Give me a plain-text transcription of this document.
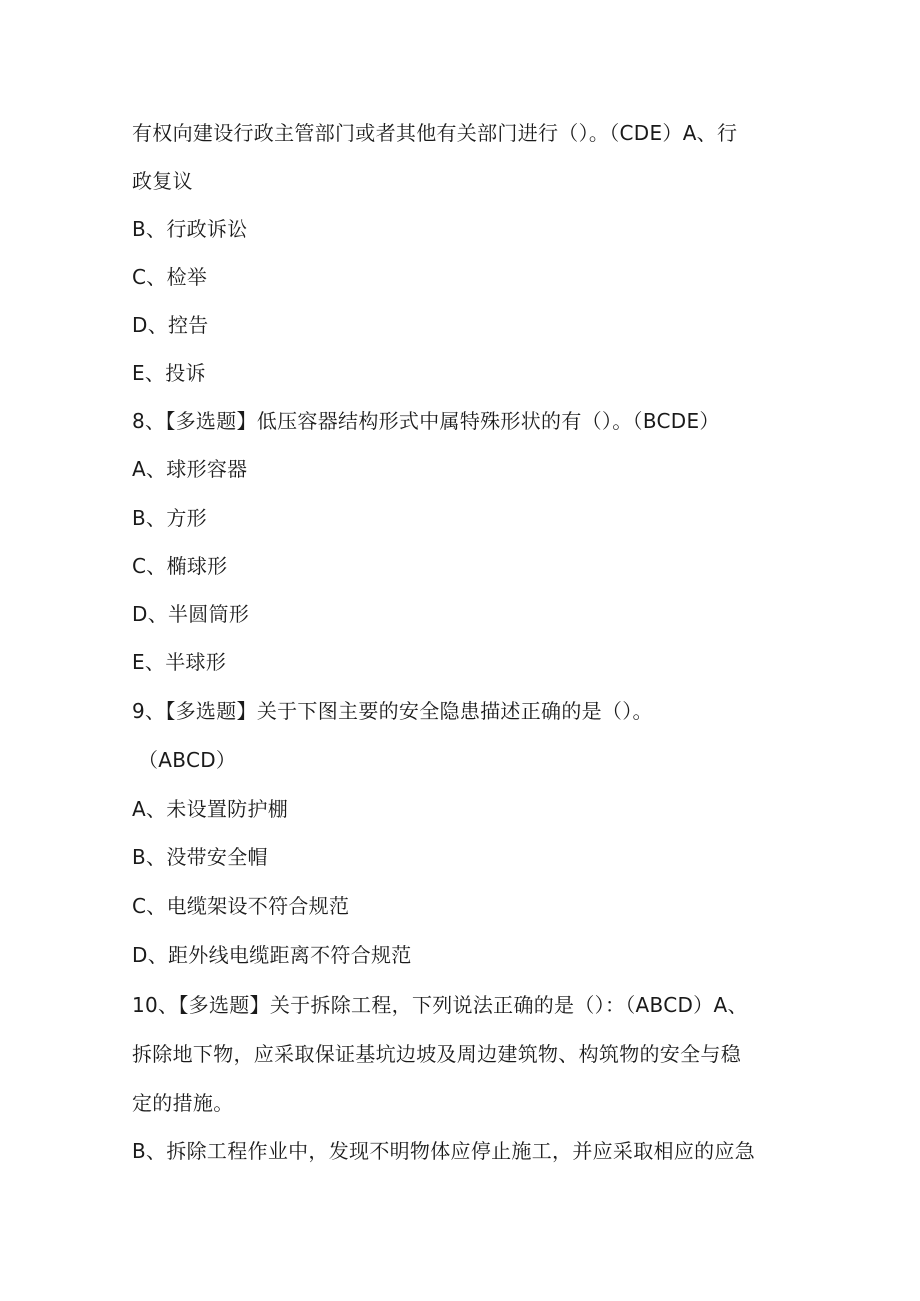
有权向建设行政主管部门或者其他有关部门进行（）。（CDE）A、行
政复议
B、行政诉讼
C、检举
D、控告
E、投诉
8、【多选题】低压容器结构形式中属特殊形状的有（）。（BCDE）
A、球形容器
B、方形
C、椭球形
D、半圆筒形
E、半球形
9、【多选题】关于下图主要的安全隐患描述正确的是（）。
（ABCD）
A、未设置防护棚
B、没带安全帽
C、电缆架设不符合规范
D、距外线电缆距离不符合规范
10、【多选题】关于拆除工程，下列说法正确的是（）：（ABCD）A、
拆除地下物，应采取保证基坑边坡及周边建筑物、构筑物的安全与稳
定的措施。
B、拆除工程作业中，发现不明物体应停止施工，并应采取相应的应急
